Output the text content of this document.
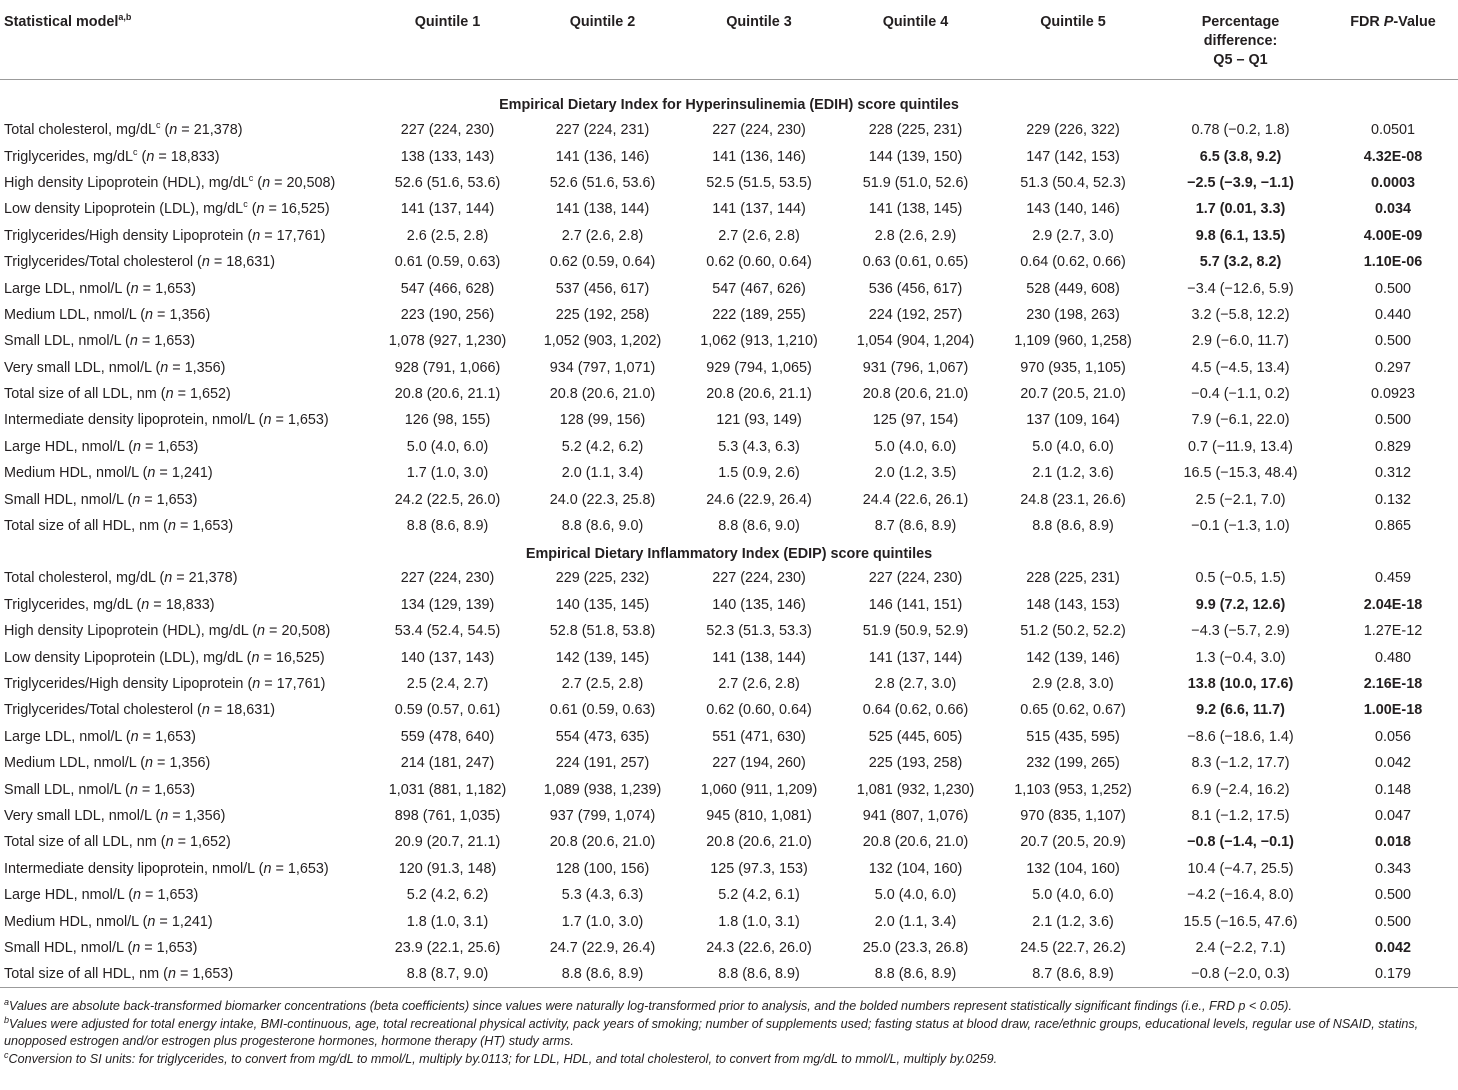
Statistical model$^{a,b}$	Quintile 1	Quintile 2	Quintile 3	Quintile 4	Quintile 5	Percentage
difference:
Q5 – Q1	FDR P-Value
Empirical Dietary Index for Hyperinsulinemia (EDIH) score quintiles							
Total cholesterol, $mg/dL^c$ (n = 21,378)	227 (224, 230)	227 (224, 231)	227 (224, 230)	228 (225, 231)	229 (226, 322)	0.78 (−0.2, 1.8)	0.0501
Triglycerides, $mg/dL^c$ (n = 18,833)	138 (133, 143)	141 (136, 146)	141 (136, 146)	144 (139, 150)	147 (142, 153)	6.5 (3.8, 9.2)	4.32E-08
High density Lipoprotein (HDL), $mg/dL^c$ (n = 20,508)	52.6 (51.6, 53.6)	52.6 (51.6, 53.6)	52.5 (51.5, 53.5)	51.9 (51.0, 52.6)	51.3 (50.4, 52.3)	−2.5 (−3.9, −1.1)	0.0003
Low density Lipoprotein (LDL), $mg/dL^c$ (n = 16,525)	141 (137, 144)	141 (138, 144)	141 (137, 144)	141 (138, 145)	143 (140, 146)	1.7 (0.01, 3.3)	0.034
Triglycerides/High density Lipoprotein (n = 17,761)	2.6 (2.5, 2.8)	2.7 (2.6, 2.8)	2.7 (2.6, 2.8)	2.8 (2.6, 2.9)	2.9 (2.7, 3.0)	9.8 (6.1, 13.5)	4.00E-09
Triglycerides/Total cholesterol (n = 18,631)	0.61 (0.59, 0.63)	0.62 (0.59, 0.64)	0.62 (0.60, 0.64)	0.63 (0.61, 0.65)	0.64 (0.62, 0.66)	5.7 (3.2, 8.2)	1.10E-06
Large LDL, nmol/L (n = 1,653)	547 (466, 628)	537 (456, 617)	547 (467, 626)	536 (456, 617)	528 (449, 608)	−3.4 (−12.6, 5.9)	0.500
Medium LDL, nmol/L (n = 1,356)	223 (190, 256)	225 (192, 258)	222 (189, 255)	224 (192, 257)	230 (198, 263)	3.2 (−5.8, 12.2)	0.440
Small LDL, nmol/L (n = 1,653)	1,078 (927, 1,230)	1,052 (903, 1,202)	1,062 (913, 1,210)	1,054 (904, 1,204)	1,109 (960, 1,258)	2.9 (−6.0, 11.7)	0.500
Very small LDL, nmol/L (n = 1,356)	928 (791, 1,066)	934 (797, 1,071)	929 (794, 1,065)	931 (796, 1,067)	970 (935, 1,105)	4.5 (−4.5, 13.4)	0.297
Total size of all LDL, nm (n = 1,652)	20.8 (20.6, 21.1)	20.8 (20.6, 21.0)	20.8 (20.6, 21.1)	20.8 (20.6, 21.0)	20.7 (20.5, 21.0)	−0.4 (−1.1, 0.2)	0.0923
Intermediate density lipoprotein, nmol/L (n = 1,653)	126 (98, 155)	128 (99, 156)	121 (93, 149)	125 (97, 154)	137 (109, 164)	7.9 (−6.1, 22.0)	0.500
Large HDL, nmol/L (n = 1,653)	5.0 (4.0, 6.0)	5.2 (4.2, 6.2)	5.3 (4.3, 6.3)	5.0 (4.0, 6.0)	5.0 (4.0, 6.0)	0.7 (−11.9, 13.4)	0.829
Medium HDL, nmol/L (n = 1,241)	1.7 (1.0, 3.0)	2.0 (1.1, 3.4)	1.5 (0.9, 2.6)	2.0 (1.2, 3.5)	2.1 (1.2, 3.6)	16.5 (−15.3, 48.4)	0.312
Small HDL, nmol/L (n = 1,653)	24.2 (22.5, 26.0)	24.0 (22.3, 25.8)	24.6 (22.9, 26.4)	24.4 (22.6, 26.1)	24.8 (23.1, 26.6)	2.5 (−2.1, 7.0)	0.132
Total size of all HDL, nm (n = 1,653)	8.8 (8.6, 8.9)	8.8 (8.6, 9.0)	8.8 (8.6, 9.0)	8.7 (8.6, 8.9)	8.8 (8.6, 8.9)	−0.1 (−1.3, 1.0)	0.865
Empirical Dietary Inflammatory Index (EDIP) score quintiles							
Total cholesterol, mg/dL (n = 21,378)	227 (224, 230)	229 (225, 232)	227 (224, 230)	227 (224, 230)	228 (225, 231)	0.5 (−0.5, 1.5)	0.459
Triglycerides, mg/dL (n = 18,833)	134 (129, 139)	140 (135, 145)	140 (135, 146)	146 (141, 151)	148 (143, 153)	9.9 (7.2, 12.6)	2.04E-18
High density Lipoprotein (HDL), mg/dL (n = 20,508)	53.4 (52.4, 54.5)	52.8 (51.8, 53.8)	52.3 (51.3, 53.3)	51.9 (50.9, 52.9)	51.2 (50.2, 52.2)	−4.3 (−5.7, 2.9)	1.27E-12
Low density Lipoprotein (LDL), mg/dL (n = 16,525)	140 (137, 143)	142 (139, 145)	141 (138, 144)	141 (137, 144)	142 (139, 146)	1.3 (−0.4, 3.0)	0.480
Triglycerides/High density Lipoprotein (n = 17,761)	2.5 (2.4, 2.7)	2.7 (2.5, 2.8)	2.7 (2.6, 2.8)	2.8 (2.7, 3.0)	2.9 (2.8, 3.0)	13.8 (10.0, 17.6)	2.16E-18
Triglycerides/Total cholesterol (n = 18,631)	0.59 (0.57, 0.61)	0.61 (0.59, 0.63)	0.62 (0.60, 0.64)	0.64 (0.62, 0.66)	0.65 (0.62, 0.67)	9.2 (6.6, 11.7)	1.00E-18
Large LDL, nmol/L (n = 1,653)	559 (478, 640)	554 (473, 635)	551 (471, 630)	525 (445, 605)	515 (435, 595)	−8.6 (−18.6, 1.4)	0.056
Medium LDL, nmol/L (n = 1,356)	214 (181, 247)	224 (191, 257)	227 (194, 260)	225 (193, 258)	232 (199, 265)	8.3 (−1.2, 17.7)	0.042
Small LDL, nmol/L (n = 1,653)	1,031 (881, 1,182)	1,089 (938, 1,239)	1,060 (911, 1,209)	1,081 (932, 1,230)	1,103 (953, 1,252)	6.9 (−2.4, 16.2)	0.148
Very small LDL, nmol/L (n = 1,356)	898 (761, 1,035)	937 (799, 1,074)	945 (810, 1,081)	941 (807, 1,076)	970 (835, 1,107)	8.1 (−1.2, 17.5)	0.047
Total size of all LDL, nm (n = 1,652)	20.9 (20.7, 21.1)	20.8 (20.6, 21.0)	20.8 (20.6, 21.0)	20.8 (20.6, 21.0)	20.7 (20.5, 20.9)	−0.8 (−1.4, −0.1)	0.018
Intermediate density lipoprotein, nmol/L (n = 1,653)	120 (91.3, 148)	128 (100, 156)	125 (97.3, 153)	132 (104, 160)	132 (104, 160)	10.4 (−4.7, 25.5)	0.343
Large HDL, nmol/L (n = 1,653)	5.2 (4.2, 6.2)	5.3 (4.3, 6.3)	5.2 (4.2, 6.1)	5.0 (4.0, 6.0)	5.0 (4.0, 6.0)	−4.2 (−16.4, 8.0)	0.500
Medium HDL, nmol/L (n = 1,241)	1.8 (1.0, 3.1)	1.7 (1.0, 3.0)	1.8 (1.0, 3.1)	2.0 (1.1, 3.4)	2.1 (1.2, 3.6)	15.5 (−16.5, 47.6)	0.500
Small HDL, nmol/L (n = 1,653)	23.9 (22.1, 25.6)	24.7 (22.9, 26.4)	24.3 (22.6, 26.0)	25.0 (23.3, 26.8)	24.5 (22.7, 26.2)	2.4 (−2.2, 7.1)	0.042
Total size of all HDL, nm (n = 1,653)	8.8 (8.7, 9.0)	8.8 (8.6, 8.9)	8.8 (8.6, 8.9)	8.8 (8.6, 8.9)	8.7 (8.6, 8.9)	−0.8 (−2.0, 0.3)	0.179

$^a$Values are absolute back-transformed biomarker concentrations (beta coefficients) since values were naturally log-transformed prior to analysis, and the bolded numbers represent statistically significant findings (i.e., FRD p < 0.05).

$^b$Values were adjusted for total energy intake, BMI-continuous, age, total recreational physical activity, pack years of smoking; number of supplements used; fasting status at blood draw, race/ethnic groups, educational levels, regular use of NSAID, statins, unopposed estrogen and/or estrogen plus progesterone hormones, hormone therapy (HT) study arms.

$^c$Conversion to SI units: for triglycerides, to convert from mg/dL to mmol/L, multiply by.0113; for LDL, HDL, and total cholesterol, to convert from mg/dL to mmol/L, multiply by.0259.
